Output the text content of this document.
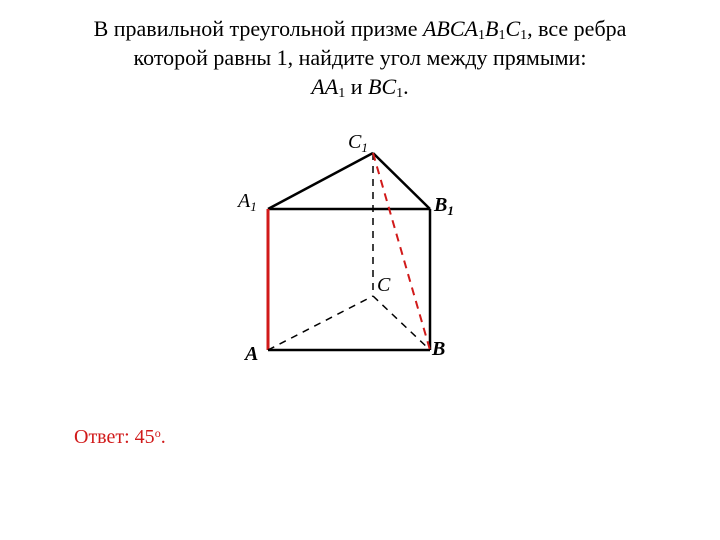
В правильной треугольной призме $ABCA_1B_1C_1$, все ребра
которой равны 1, найдите угол между прямыми:
$AA_1$ и $BC_1$.
$C_1$
$A_1$	$B_1$
C
A	B
Ответ: $45^о$.
